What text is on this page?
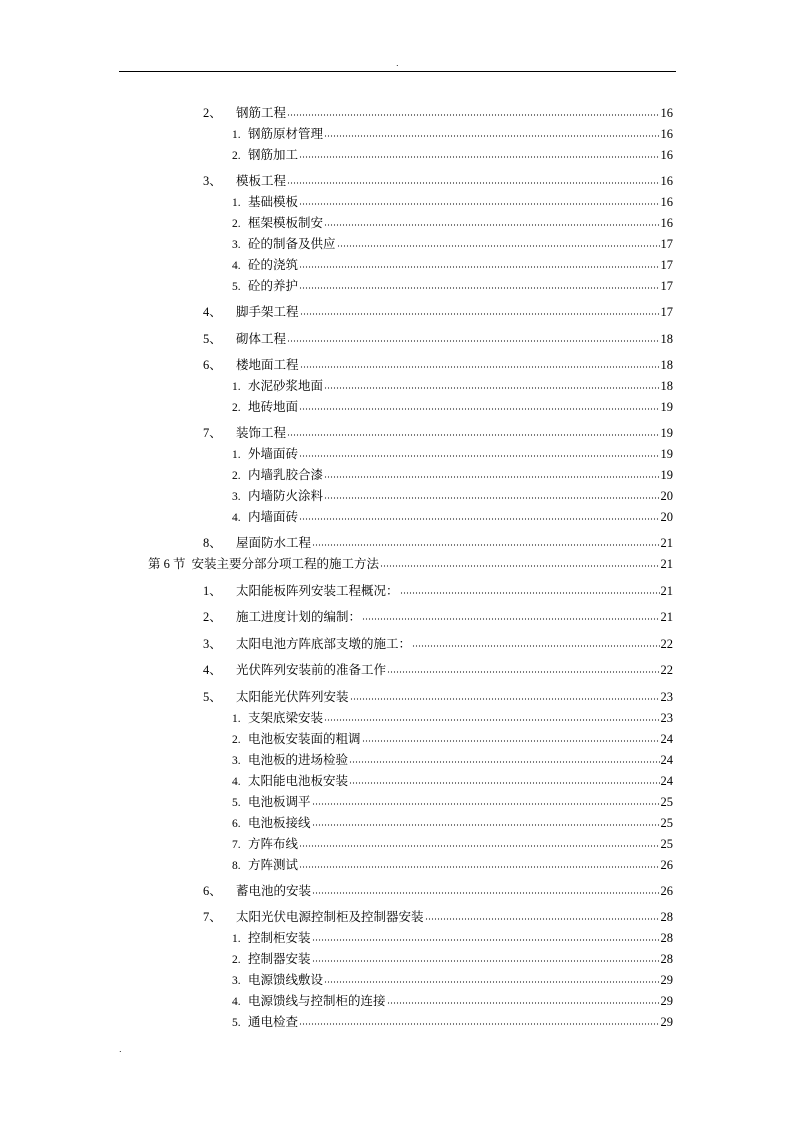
.
2、	钢筋工程	16
1. 钢筋原材管理	16
2. 钢筋加工	16
3、	模板工程	16
1. 基础模板	16
2. 框架模板制安	16
3. 砼的制备及供应	17
4. 砼的浇筑	17
5. 砼的养护	17
4、	脚手架工程	17
5、	砌体工程	18
6、	楼地面工程	18
1. 水泥砂浆地面	18
2. 地砖地面	19
7、	装饰工程	19
1. 外墙面砖	19
2. 内墙乳胶合漆	19
3. 内墙防火涂料	20
4. 内墙面砖	20
8、	屋面防水工程	21
第 6 节 安装主要分部分项工程的施工方法	21
1、	太阳能板阵列安装工程概况：	21
2、	施工进度计划的编制：	21
3、	太阳电池方阵底部支墩的施工：	22
4、	光伏阵列安装前的准备工作	22
5、	太阳能光伏阵列安装	23
1. 支架底梁安装	23
2. 电池板安装面的粗调	24
3. 电池板的进场检验	24
4. 太阳能电池板安装	24
5. 电池板调平	25
6. 电池板接线	25
7. 方阵布线	25
8. 方阵测试	26
6、	蓄电池的安装	26
7、	太阳光伏电源控制柜及控制器安装	28
1. 控制柜安装	28
2. 控制器安装	28
3. 电源馈线敷设	29
4. 电源馈线与控制柜的连接	29
5. 通电检查	29
.
